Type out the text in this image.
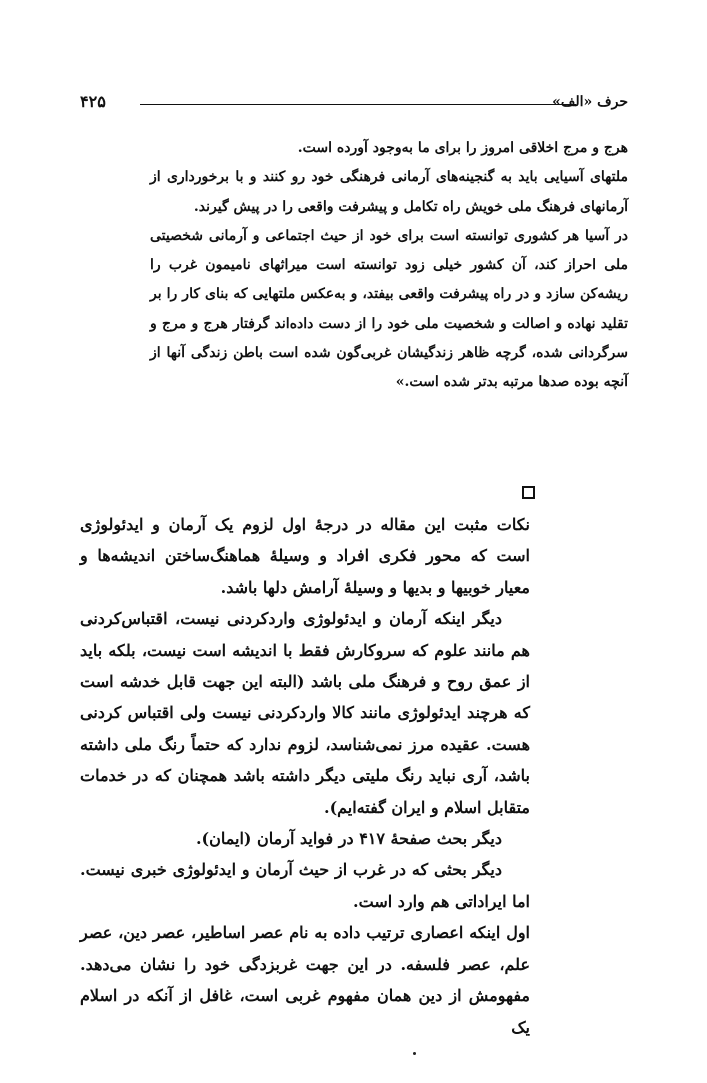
حرف «الف»
۴۲۵

هرج و مرج اخلاقی امروز را برای ما به‌وجود آورده است.

ملتهای آسیایی باید به گنجینه‌های آرمانی فرهنگی خود رو کنند و با برخورداری از آرمانهای فرهنگ ملی خویش راه تکامل و پیشرفت واقعی را در پیش گیرند.

در آسیا هر کشوری توانسته است برای خود از حیث اجتماعی و آرمانی شخصیتی ملی احراز کند، آن کشور خیلی زود توانسته است میراثهای نامیمون غرب را ریشه‌کن سازد و در راه پیشرفت واقعی بیفتد، و به‌عکس ملتهایی که بنای کار را بر تقلید نهاده و اصالت و شخصیت ملی خود را از دست داده‌اند گرفتار هرج و مرج و سرگردانی شده، گرچه ظاهر زندگیشان غربی‌گون شده است باطن زندگی آنها از آنچه بوده صدها مرتبه بدتر شده است.»

نکات مثبت این مقاله در درجهٔ اول لزوم یک آرمان و ایدئولوژی است که محور فکری افراد و وسیلهٔ هماهنگ‌ساختن اندیشه‌ها و معیار خوبیها و بدیها و وسیلهٔ آرامش دلها باشد.

دیگر اینکه آرمان و ایدئولوژی واردکردنی نیست، اقتباس‌کردنی هم مانند علوم که سروکارش فقط با اندیشه است نیست، بلکه باید از عمق روح و فرهنگ ملی باشد (البته این جهت قابل خدشه است که هرچند ایدئولوژی مانند کالا واردکردنی نیست ولی اقتباس کردنی هست. عقیده مرز نمی‌شناسد، لزوم ندارد که حتماً رنگ ملی داشته باشد، آری نباید رنگ ملیتی دیگر داشته باشد همچنان که در خدمات متقابل اسلام و ایران گفته‌ایم).

دیگر بحث صفحهٔ ۴۱۷ در فواید آرمان (ایمان).

دیگر بحثی که در غرب از حیث آرمان و ایدئولوژی خبری نیست. اما ایراداتی هم وارد است.

اول اینکه اعصاری ترتیب داده به نام عصر اساطیر، عصر دین، عصر علم، عصر فلسفه. در این جهت غربزدگی خود را نشان می‌دهد. مفهومش از دین همان مفهوم غربی است، غافل از آنکه در اسلام یک
